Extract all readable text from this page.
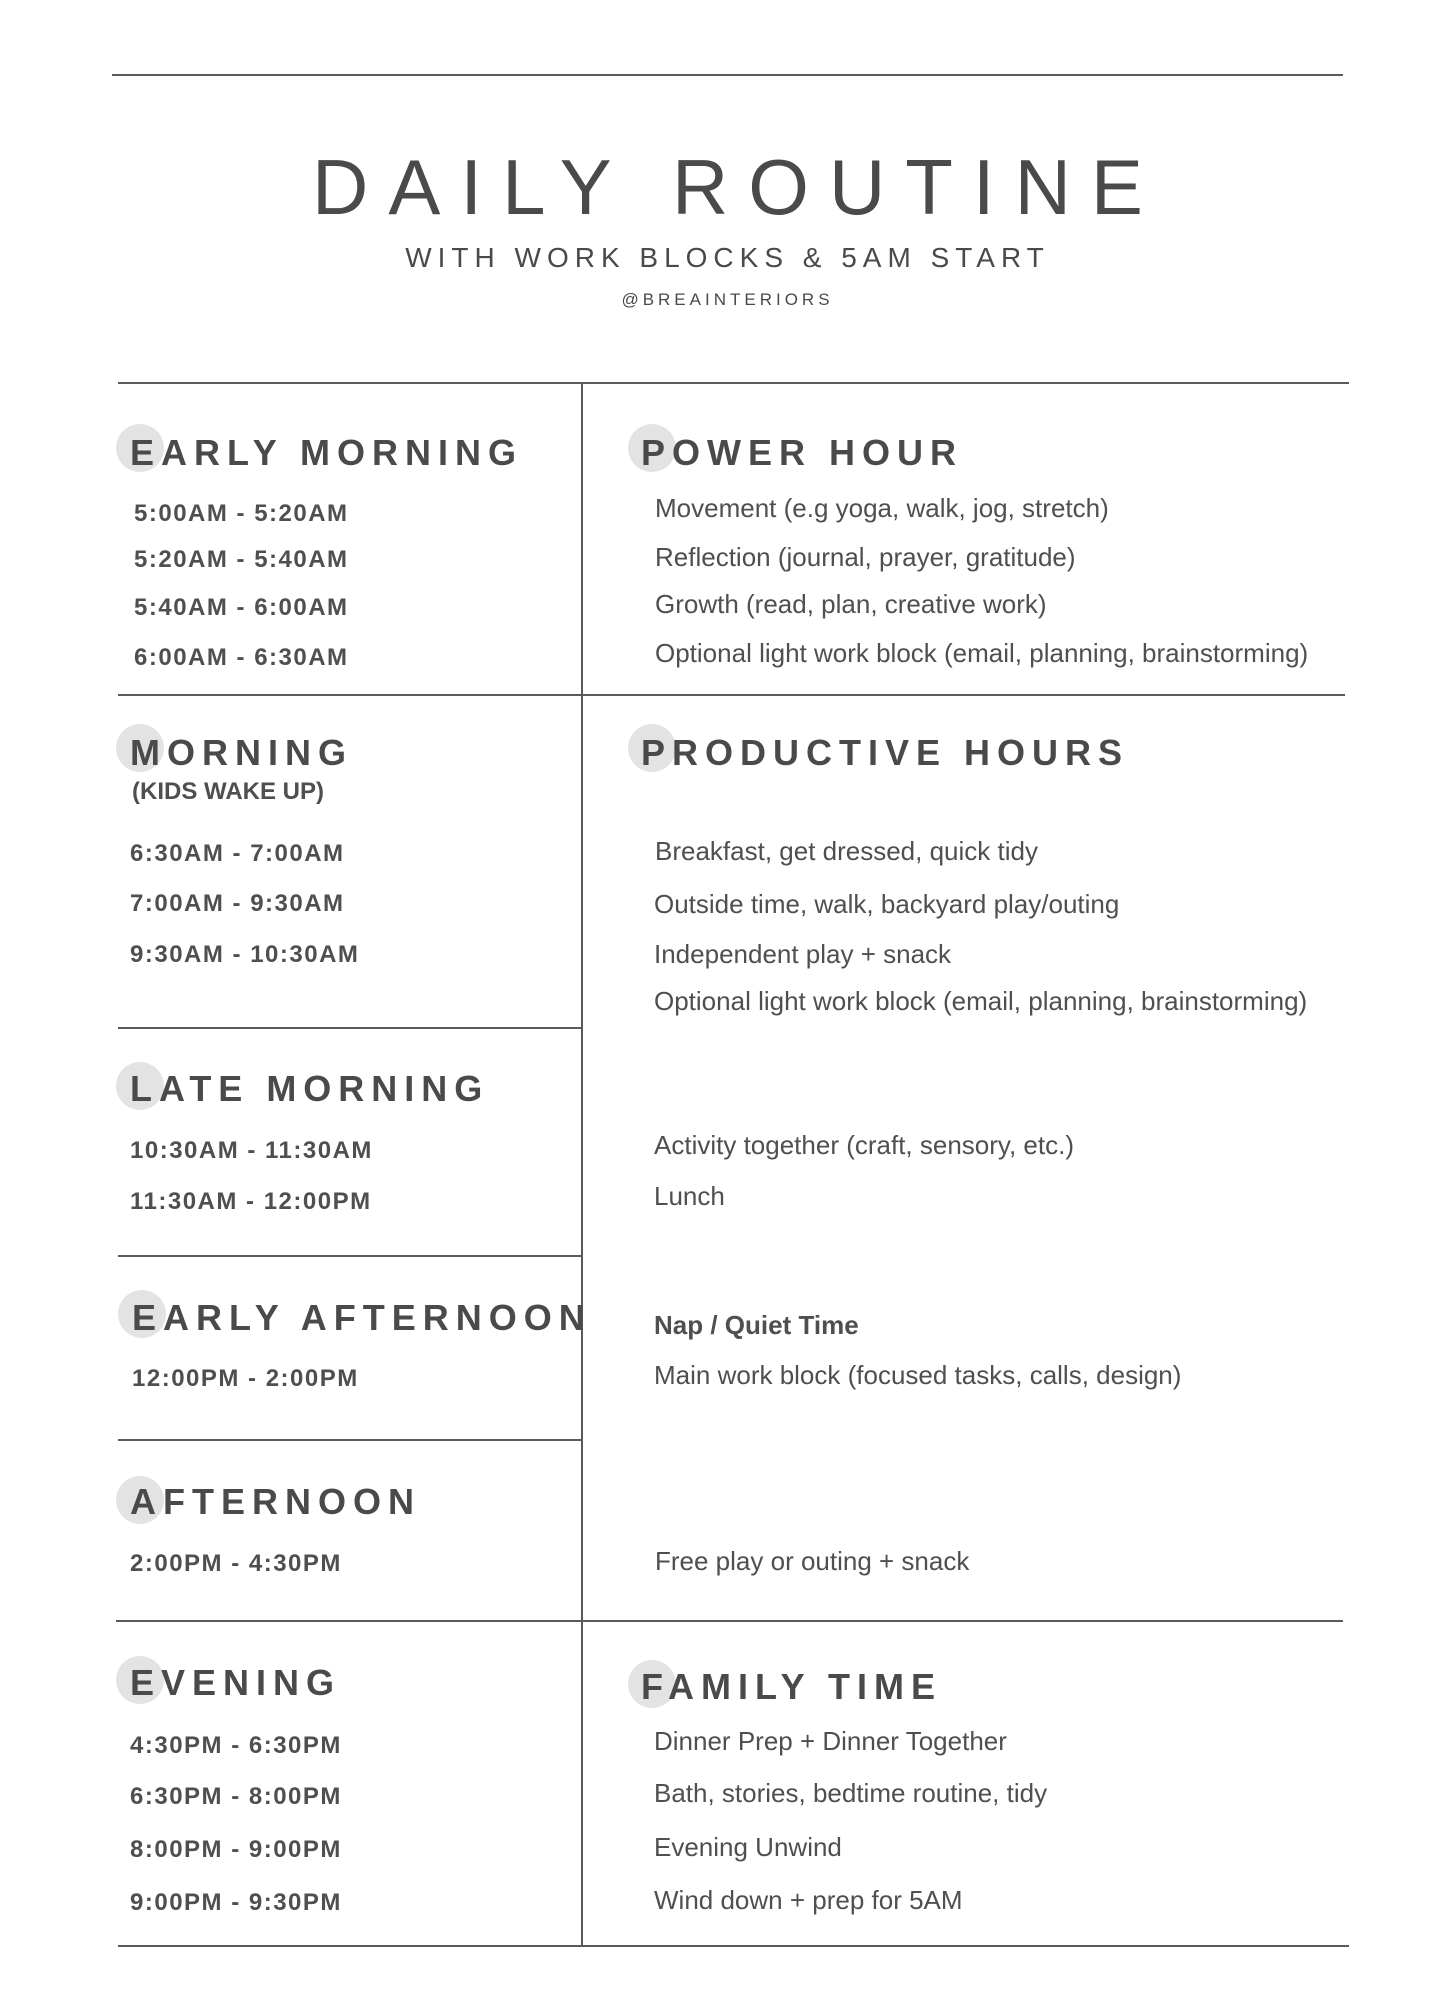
DAILY ROUTINE
WITH WORK BLOCKS & 5AM START
@BREAINTERIORS
EARLY MORNING
5:00AM - 5:20AM
5:20AM - 5:40AM
5:40AM - 6:00AM
6:00AM - 6:30AM
POWER HOUR
Movement (e.g yoga, walk, jog, stretch)
Reflection (journal, prayer, gratitude)
Growth (read, plan, creative work)
Optional light work block (email, planning, brainstorming)
MORNING
(KIDS WAKE UP)
6:30AM - 7:00AM
7:00AM - 9:30AM
9:30AM - 10:30AM
PRODUCTIVE HOURS
Breakfast, get dressed, quick tidy
Outside time, walk, backyard play/outing
Independent play + snack
Optional light work block (email, planning, brainstorming)
LATE MORNING
10:30AM - 11:30AM
11:30AM - 12:00PM
Activity together (craft, sensory, etc.)
Lunch
EARLY AFTERNOON
12:00PM - 2:00PM
Nap / Quiet Time
Main work block (focused tasks, calls, design)
AFTERNOON
2:00PM - 4:30PM	Free play or outing + snack
EVENING
4:30PM - 6:30PM
6:30PM - 8:00PM
8:00PM - 9:00PM
9:00PM - 9:30PM
FAMILY TIME
Dinner Prep + Dinner Together
Bath, stories, bedtime routine, tidy
Evening Unwind
Wind down + prep for 5AM
